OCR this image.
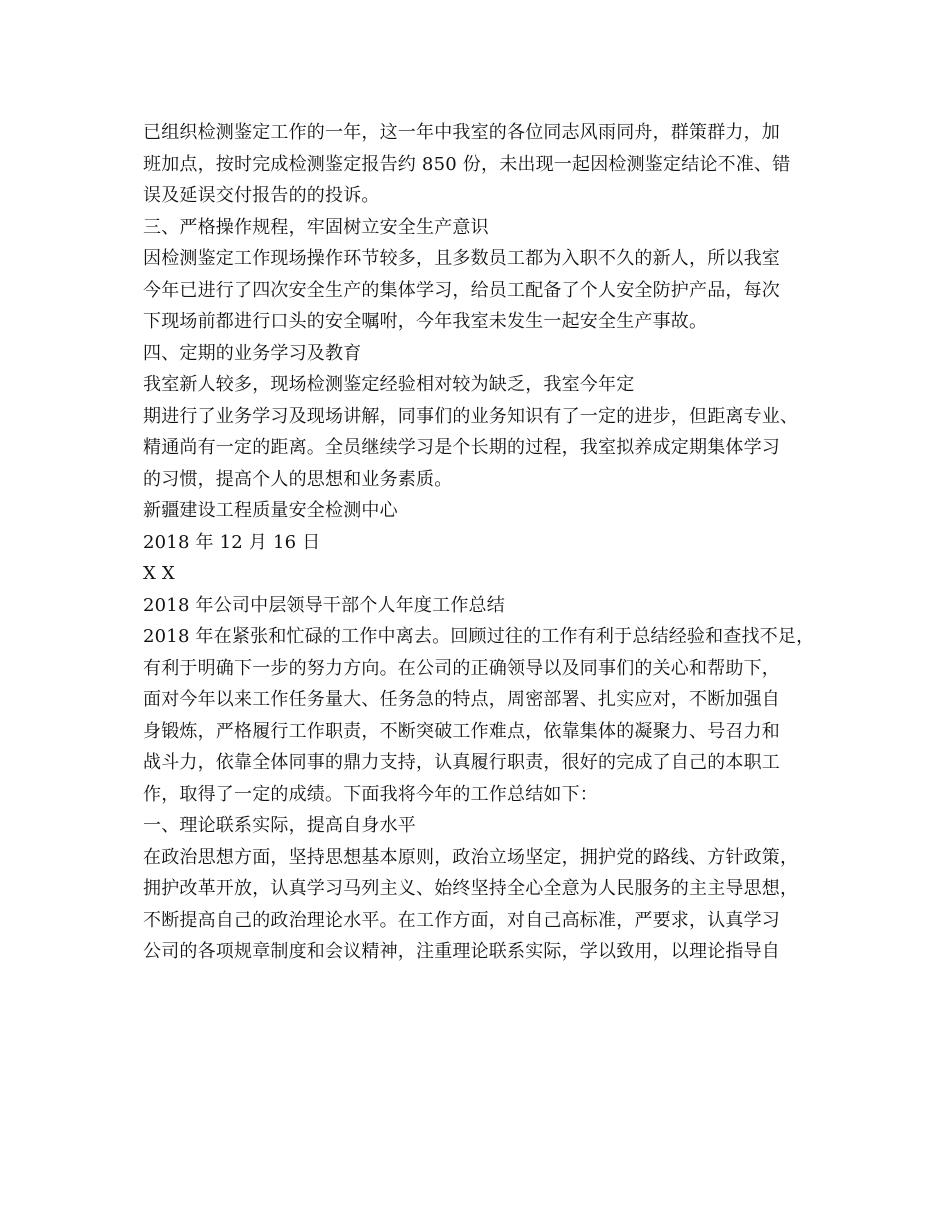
已组织检测鉴定工作的一年，这一年中我室的各位同志风雨同舟，群策群力，加
班加点，按时完成检测鉴定报告约 850 份，未出现一起因检测鉴定结论不准、错
误及延误交付报告的的投诉。
三、严格操作规程，牢固树立安全生产意识
因检测鉴定工作现场操作环节较多，且多数员工都为入职不久的新人，所以我室
今年已进行了四次安全生产的集体学习，给员工配备了个人安全防护产品，每次
下现场前都进行口头的安全嘱咐，今年我室未发生一起安全生产事故。
四、定期的业务学习及教育
我室新人较多，现场检测鉴定经验相对较为缺乏，我室今年定
期进行了业务学习及现场讲解，同事们的业务知识有了一定的进步，但距离专业、
精通尚有一定的距离。全员继续学习是个长期的过程，我室拟养成定期集体学习
的习惯，提高个人的思想和业务素质。
新疆建设工程质量安全检测中心
2018 年 12 月 16 日
X X
2018 年公司中层领导干部个人年度工作总结
2018 年在紧张和忙碌的工作中离去。回顾过往的工作有利于总结经验和查找不足，
有利于明确下一步的努力方向。在公司的正确领导以及同事们的关心和帮助下，
面对今年以来工作任务量大、任务急的特点，周密部署、扎实应对，不断加强自
身锻炼，严格履行工作职责，不断突破工作难点，依靠集体的凝聚力、号召力和
战斗力，依靠全体同事的鼎力支持，认真履行职责，很好的完成了自己的本职工
作，取得了一定的成绩。下面我将今年的工作总结如下：
一、理论联系实际，提高自身水平
在政治思想方面，坚持思想基本原则，政治立场坚定，拥护党的路线、方针政策，
拥护改革开放，认真学习马列主义、始终坚持全心全意为人民服务的主主导思想，
不断提高自己的政治理论水平。在工作方面，对自己高标准，严要求，认真学习
公司的各项规章制度和会议精神，注重理论联系实际，学以致用，以理论指导自
